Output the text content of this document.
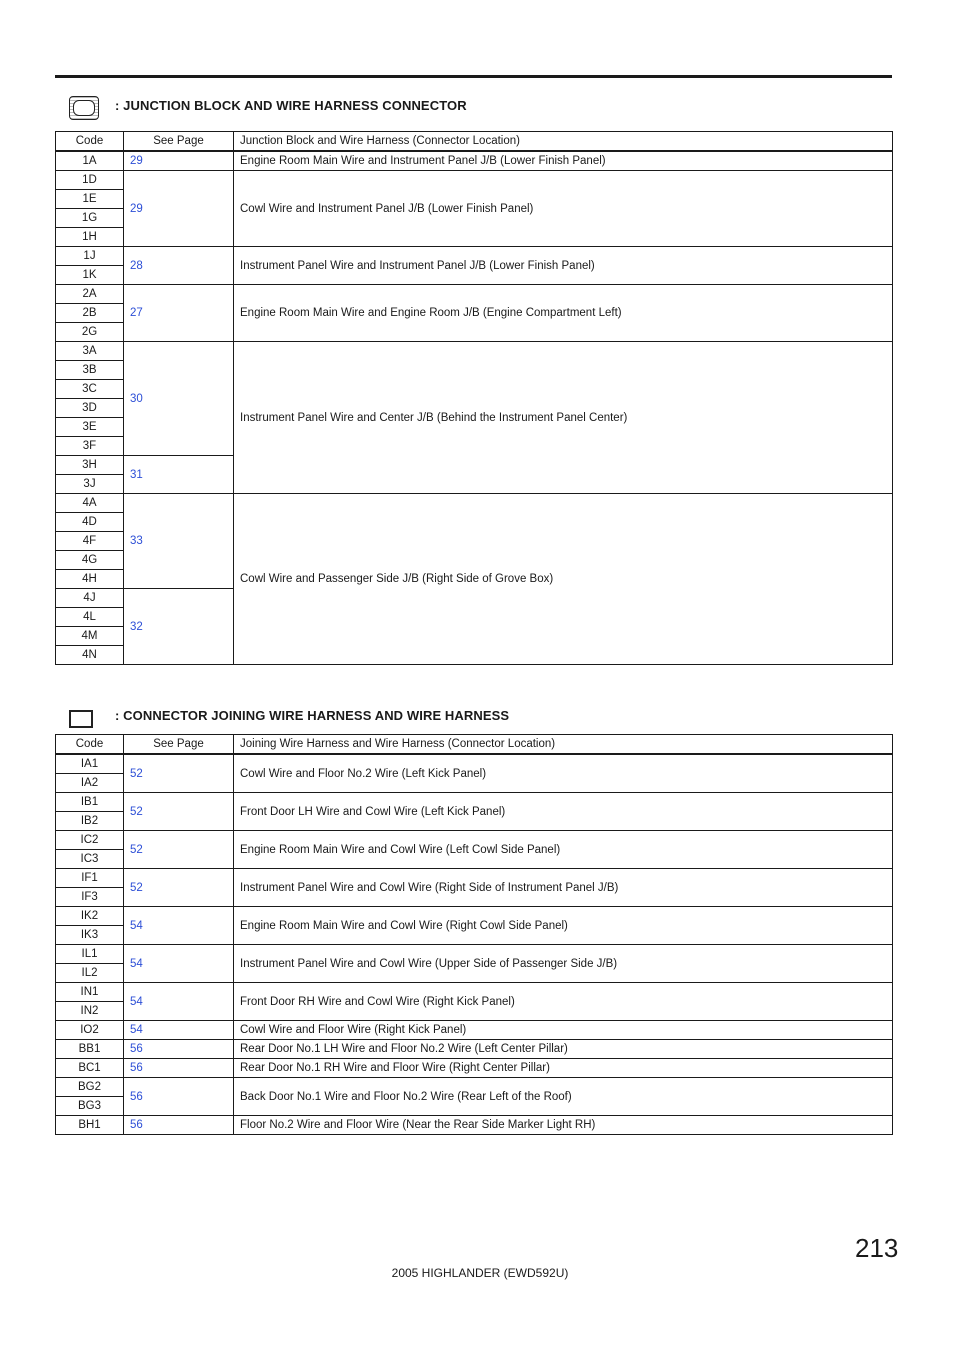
: JUNCTION BLOCK AND WIRE HARNESS CONNECTOR
Code	See Page	Junction Block and Wire Harness (Connector Location)
1A	29	Engine Room Main Wire and Instrument Panel J/B (Lower Finish Panel)
1D	29	Cowl Wire and Instrument Panel J/B (Lower Finish Panel)
1E		
1G		
1H		
1J	28	Instrument Panel Wire and Instrument Panel J/B (Lower Finish Panel)
1K		
2A	27	Engine Room Main Wire and Engine Room J/B (Engine Compartment Left)
2B		
2G		
3A	30	Instrument Panel Wire and Center J/B (Behind the Instrument Panel Center)
3B		
3C		
3D		
3E		
3F		
3H	31	
3J		
4A	33	Cowl Wire and Passenger Side J/B (Right Side of Grove Box)
4D		
4F		
4G		
4H		
4J	32	
4L		
4M		
4N		
: CONNECTOR JOINING WIRE HARNESS AND WIRE HARNESS
Code	See Page	Joining Wire Harness and Wire Harness (Connector Location)
IA1	52	Cowl Wire and Floor No.2 Wire (Left Kick Panel)
IA2		
IB1	52	Front Door LH Wire and Cowl Wire (Left Kick Panel)
IB2		
IC2	52	Engine Room Main Wire and Cowl Wire (Left Cowl Side Panel)
IC3		
IF1	52	Instrument Panel Wire and Cowl Wire (Right Side of Instrument Panel J/B)
IF3		
IK2	54	Engine Room Main Wire and Cowl Wire (Right Cowl Side Panel)
IK3		
IL1	54	Instrument Panel Wire and Cowl Wire (Upper Side of Passenger Side J/B)
IL2		
IN1	54	Front Door RH Wire and Cowl Wire (Right Kick Panel)
IN2		
IO2	54	Cowl Wire and Floor Wire (Right Kick Panel)
BB1	56	Rear Door No.1 LH Wire and Floor No.2 Wire (Left Center Pillar)
BC1	56	Rear Door No.1 RH Wire and Floor Wire (Right Center Pillar)
BG2	56	Back Door No.1 Wire and Floor No.2 Wire (Rear Left of the Roof)
BG3		
BH1	56	Floor No.2 Wire and Floor Wire (Near the Rear Side Marker Light RH)
213
2005 HIGHLANDER (EWD592U)
